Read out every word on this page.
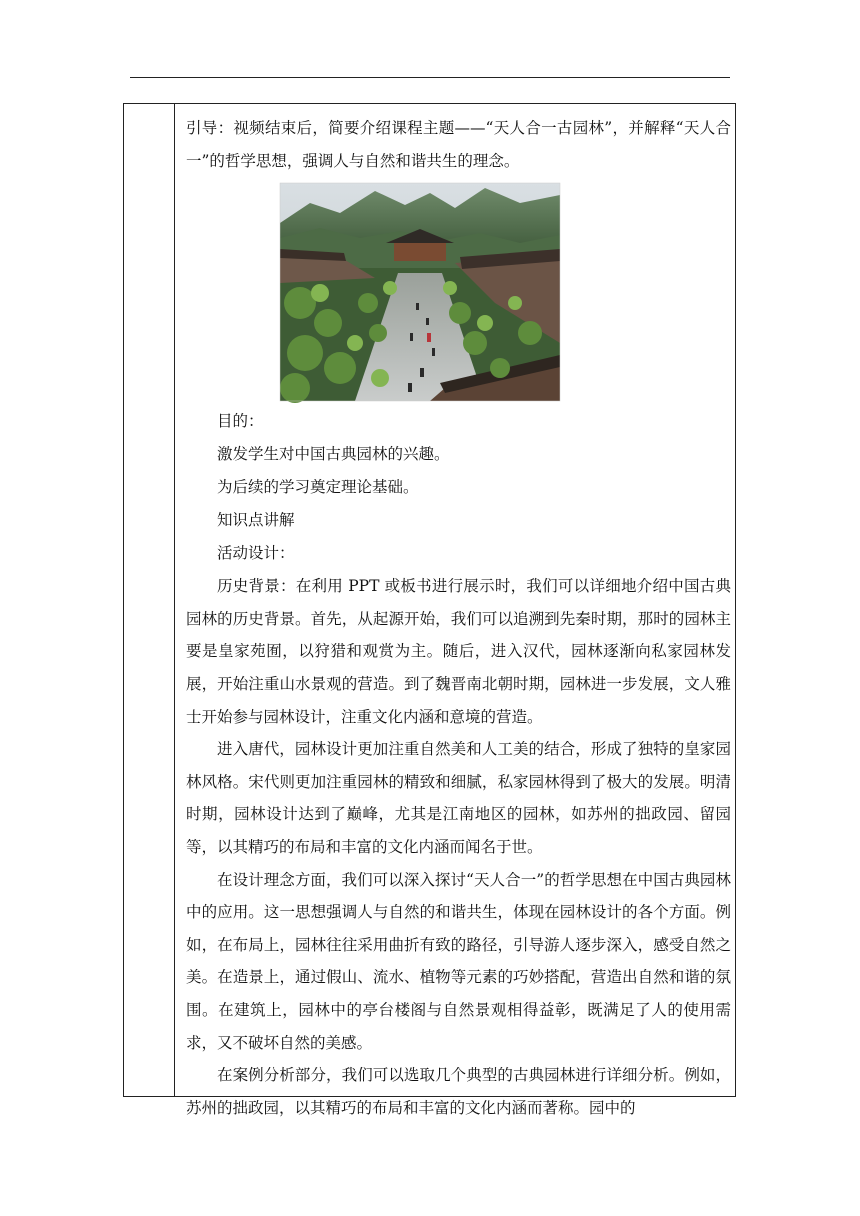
引导：视频结束后，简要介绍课程主题——“天人合一古园林”，并解释“天人合一”的哲学思想，强调人与自然和谐共生的理念。

目的：

激发学生对中国古典园林的兴趣。

为后续的学习奠定理论基础。

知识点讲解

活动设计：

历史背景：在利用 PPT 或板书进行展示时，我们可以详细地介绍中国古典园林的历史背景。首先，从起源开始，我们可以追溯到先秦时期，那时的园林主要是皇家苑囿，以狩猎和观赏为主。随后，进入汉代，园林逐渐向私家园林发展，开始注重山水景观的营造。到了魏晋南北朝时期，园林进一步发展，文人雅士开始参与园林设计，注重文化内涵和意境的营造。

进入唐代，园林设计更加注重自然美和人工美的结合，形成了独特的皇家园林风格。宋代则更加注重园林的精致和细腻，私家园林得到了极大的发展。明清时期，园林设计达到了巅峰，尤其是江南地区的园林，如苏州的拙政园、留园等，以其精巧的布局和丰富的文化内涵而闻名于世。

在设计理念方面，我们可以深入探讨“天人合一”的哲学思想在中国古典园林中的应用。这一思想强调人与自然的和谐共生，体现在园林设计的各个方面。例如，在布局上，园林往往采用曲折有致的路径，引导游人逐步深入，感受自然之美。在造景上，通过假山、流水、植物等元素的巧妙搭配，营造出自然和谐的氛围。在建筑上，园林中的亭台楼阁与自然景观相得益彰，既满足了人的使用需求，又不破坏自然的美感。

在案例分析部分，我们可以选取几个典型的古典园林进行详细分析。例如，苏州的拙政园，以其精巧的布局和丰富的文化内涵而著称。园中的
